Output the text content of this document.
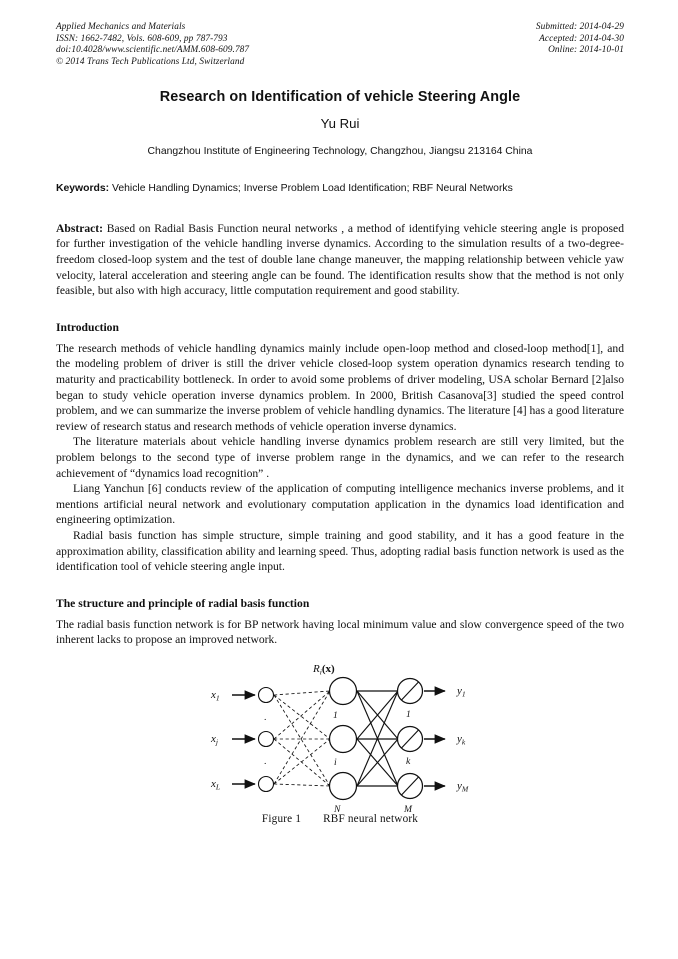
Applied Mechanics and Materials
ISSN: 1662-7482, Vols. 608-609, pp 787-793
doi:10.4028/www.scientific.net/AMM.608-609.787
© 2014 Trans Tech Publications Ltd, Switzerland
Submitted: 2014-04-29
Accepted: 2014-04-30
Online: 2014-10-01
Research on Identification of vehicle Steering Angle
Yu Rui
Changzhou Institute of Engineering Technology, Changzhou, Jiangsu 213164 China
Keywords: Vehicle Handling Dynamics; Inverse Problem Load Identification; RBF Neural Networks
Abstract: Based on Radial Basis Function neural networks , a method of identifying vehicle steering angle is proposed for further investigation of the vehicle handling inverse dynamics. According to the simulation results of a two-degree-freedom closed-loop system and the test of double lane change maneuver, the mapping relationship between vehicle yaw velocity, lateral acceleration and steering angle can be found. The identification results show that the method is not only feasible, but also with high accuracy, little computation requirement and good stability.
Introduction

The research methods of vehicle handling dynamics mainly include open-loop method and closed-loop method[1], and the modeling problem of driver is still the driver vehicle closed-loop system operation dynamics research tending to maturity and practicability bottleneck. In order to avoid some problems of driver modeling, USA scholar Bernard [2]also began to study vehicle operation inverse dynamics problem. In 2000, British Casanova[3] studied the speed control problem, and we can summarize the inverse problem of vehicle handling dynamics. The literature [4] has a good literature review of research status and research methods of vehicle operation inverse dynamics.

The literature materials about vehicle handling inverse dynamics problem research are still very limited, but the problem belongs to the second type of inverse problem range in the dynamics, and we can refer to the research achievement of “dynamics load recognition” .

Liang Yanchun [6] conducts review of the application of computing intelligence mechanics inverse problems, and it mentions artificial neural network and evolutionary computation application in the dynamics load identification and engineering optimization.

Radial basis function has simple structure, simple training and good stability, and it has a good feature in the approximation ability, classification ability and learning speed. Thus, adopting radial basis function network is used as the identification tool of vehicle steering angle input.

The structure and principle of radial basis function

The radial basis function network is for BP network having local minimum value and slow convergence speed of the two inherent lacks to propose an improved network.

$R_i(x)$
$x_1$
$x_j$
$x_L$
.
.
1
i
N
1
k
M
$y_1$
$y_k$
$y_M$
Figure 1 RBF neural network
